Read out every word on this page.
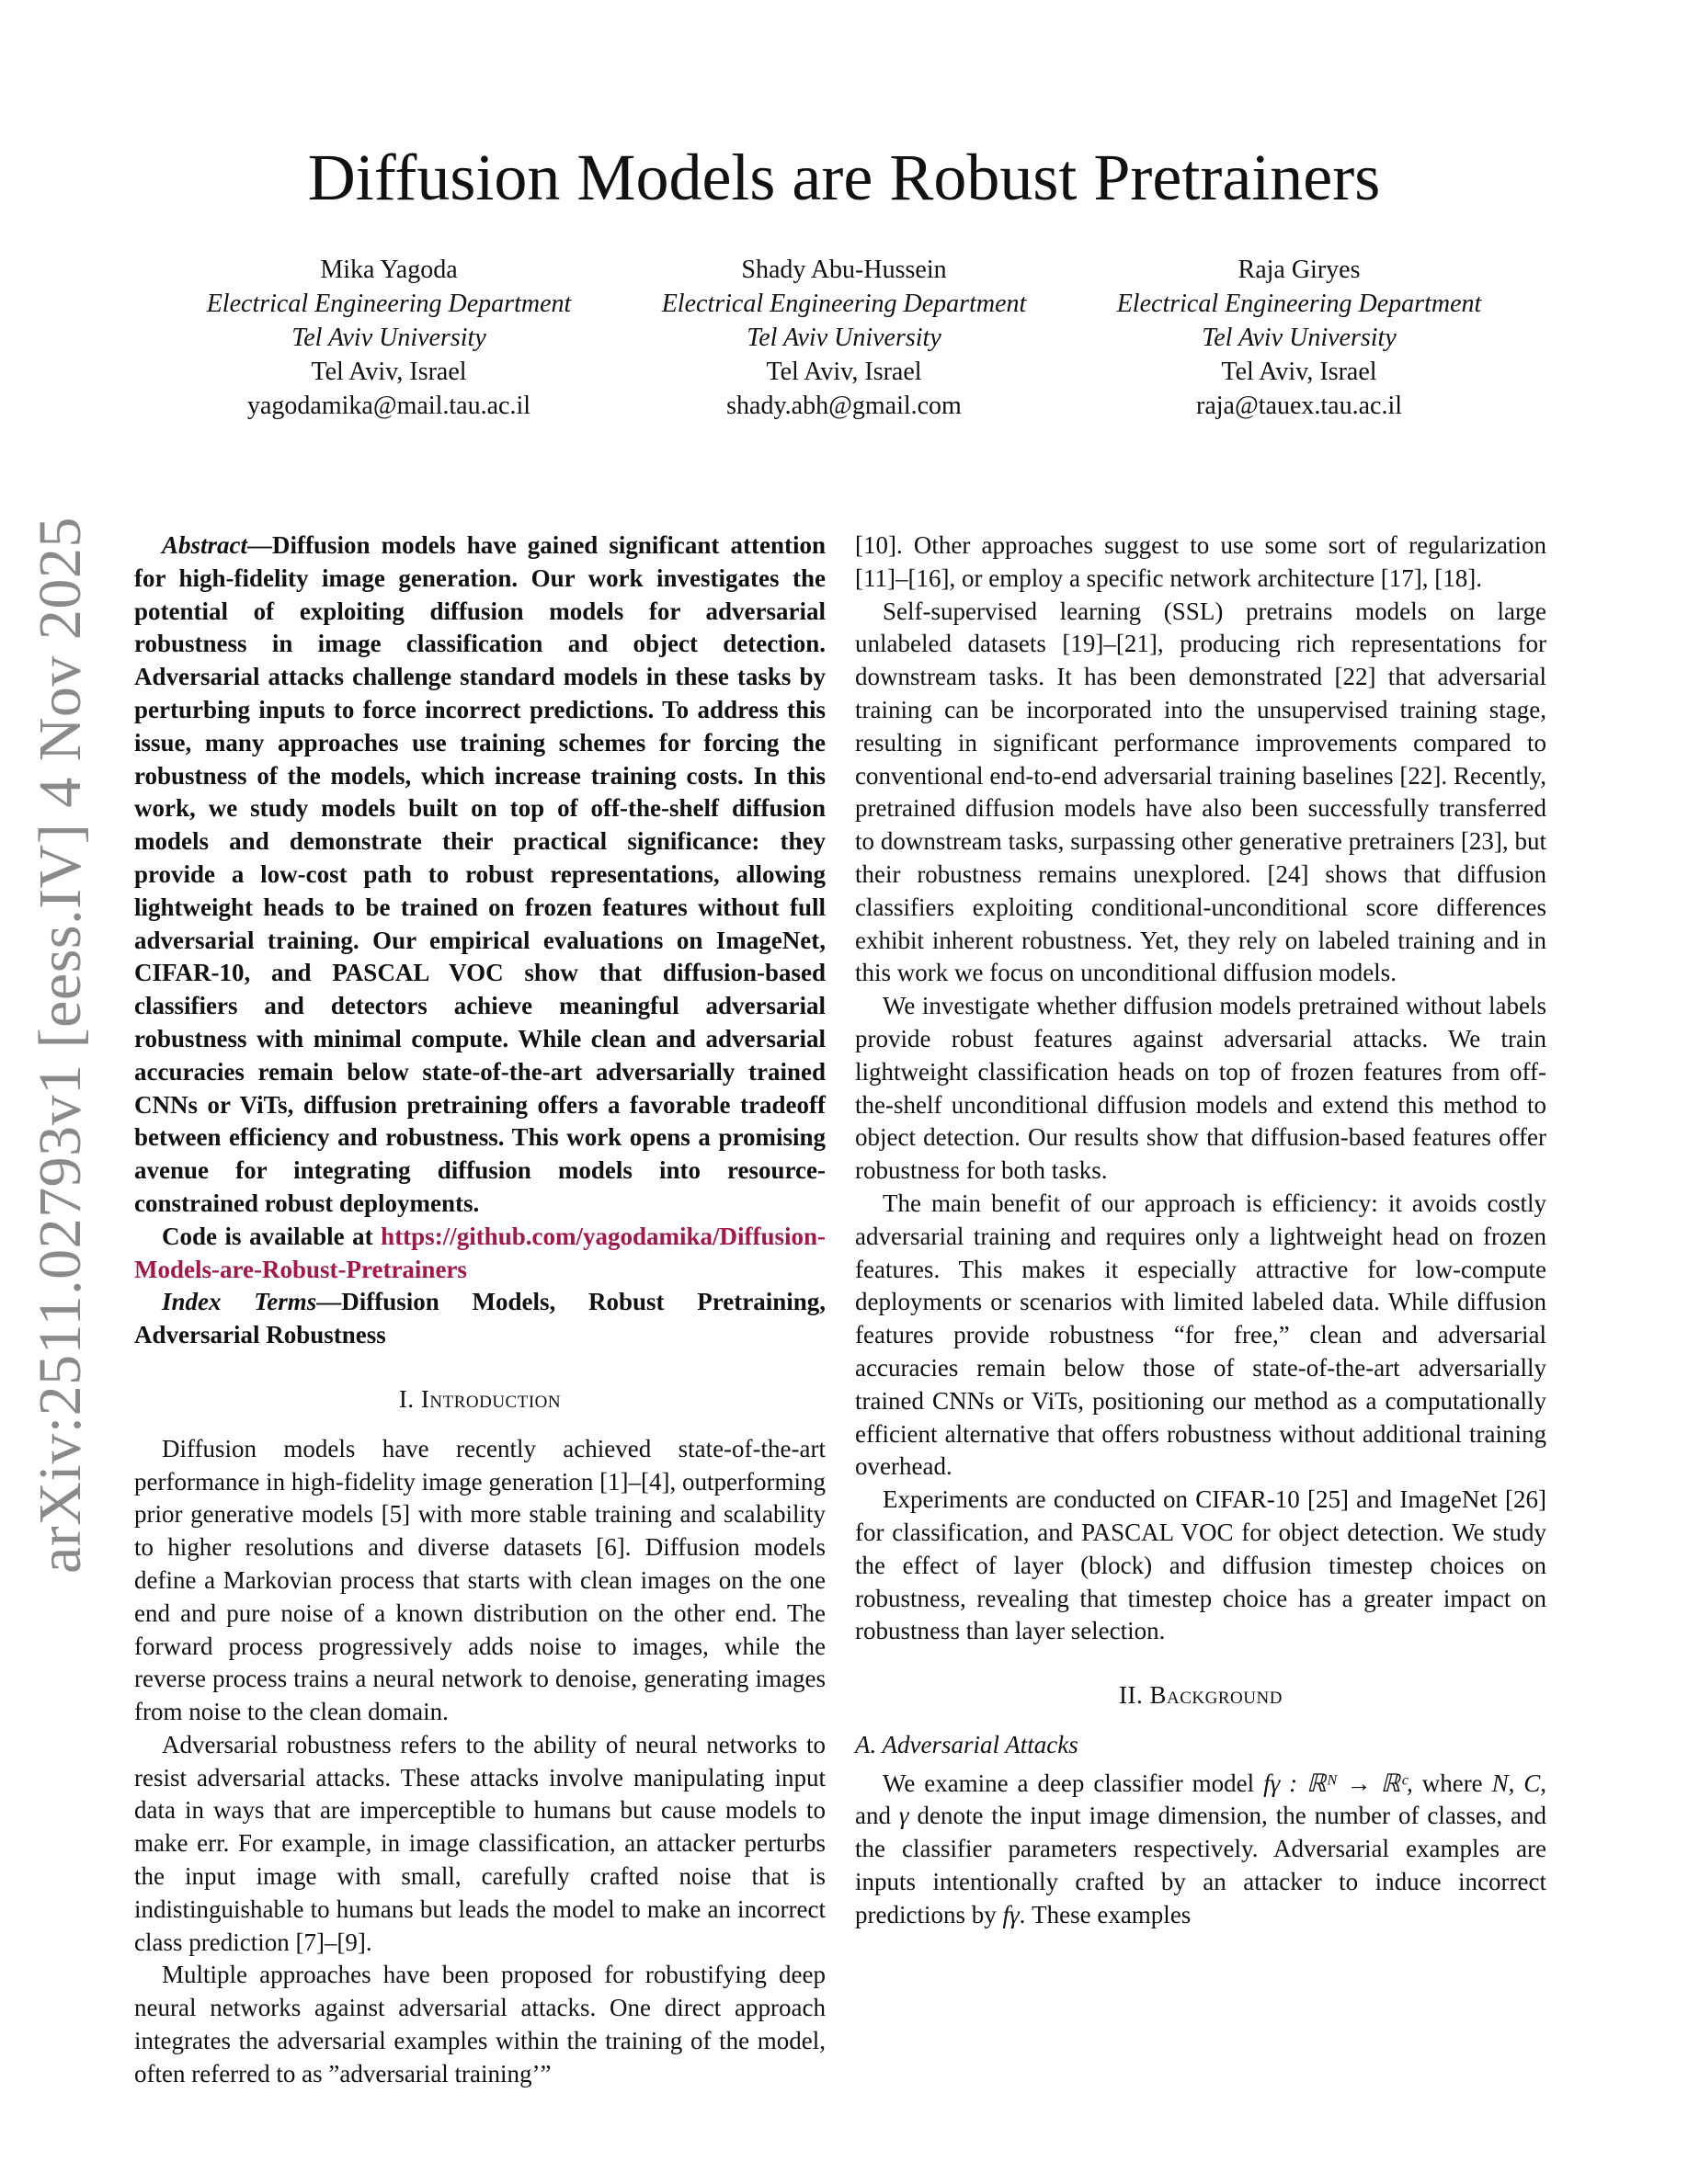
Diffusion Models are Robust Pretrainers
Mika Yagoda
Electrical Engineering Department
Tel Aviv University
Tel Aviv, Israel
yagodamika@mail.tau.ac.il
Shady Abu-Hussein
Electrical Engineering Department
Tel Aviv University
Tel Aviv, Israel
shady.abh@gmail.com
Raja Giryes
Electrical Engineering Department
Tel Aviv University
Tel Aviv, Israel
raja@tauex.tau.ac.il
arXiv:2511.02793v1 [eess.IV] 4 Nov 2025	Abstract—Diffusion models have gained significant attention for high-fidelity image generation. Our work investigates the potential of exploiting diffusion models for adversarial robustness in image classification and object detection. Adversarial attacks challenge standard models in these tasks by perturbing inputs to force incorrect predictions. To address this issue, many approaches use training schemes for forcing the robustness of the models, which increase training costs. In this work, we study models built on top of off-the-shelf diffusion models and demonstrate their practical significance: they provide a low-cost path to robust representations, allowing lightweight heads to be trained on frozen features without full adversarial training. Our empirical evaluations on ImageNet, CIFAR-10, and PASCAL VOC show that diffusion-based classifiers and detectors achieve meaningful adversarial robustness with minimal compute. While clean and adversarial accuracies remain below state-of-the-art adversarially trained CNNs or ViTs, diffusion pretraining offers a favorable tradeoff between efficiency and robustness. This work opens a promising avenue for integrating diffusion models into resource-constrained robust deployments.

Code is available at https://github.com/yagodamika/Diffusion-Models-are-Robust-Pretrainers

Index Terms—Diffusion Models, Robust Pretraining, Adversarial Robustness

I. Introduction

Diffusion models have recently achieved state-of-the-art performance in high-fidelity image generation [1]–[4], outperforming prior generative models [5] with more stable training and scalability to higher resolutions and diverse datasets [6]. Diffusion models define a Markovian process that starts with clean images on the one end and pure noise of a known distribution on the other end. The forward process progressively adds noise to images, while the reverse process trains a neural network to denoise, generating images from noise to the clean domain.

Adversarial robustness refers to the ability of neural networks to resist adversarial attacks. These attacks involve manipulating input data in ways that are imperceptible to humans but cause models to make err. For example, in image classification, an attacker perturbs the input image with small, carefully crafted noise that is indistinguishable to humans but leads the model to make an incorrect class prediction [7]–[9].

Multiple approaches have been proposed for robustifying deep neural networks against adversarial attacks. One direct approach integrates the adversarial examples within the training of the model, often referred to as ”adversarial training’”

[10]. Other approaches suggest to use some sort of regularization [11]–[16], or employ a specific network architecture [17], [18].

Self-supervised learning (SSL) pretrains models on large unlabeled datasets [19]–[21], producing rich representations for downstream tasks. It has been demonstrated [22] that adversarial training can be incorporated into the unsupervised training stage, resulting in significant performance improvements compared to conventional end-to-end adversarial training baselines [22]. Recently, pretrained diffusion models have also been successfully transferred to downstream tasks, surpassing other generative pretrainers [23], but their robustness remains unexplored. [24] shows that diffusion classifiers exploiting conditional-unconditional score differences exhibit inherent robustness. Yet, they rely on labeled training and in this work we focus on unconditional diffusion models.

We investigate whether diffusion models pretrained without labels provide robust features against adversarial attacks. We train lightweight classification heads on top of frozen features from off-the-shelf unconditional diffusion models and extend this method to object detection. Our results show that diffusion-based features offer robustness for both tasks.

The main benefit of our approach is efficiency: it avoids costly adversarial training and requires only a lightweight head on frozen features. This makes it especially attractive for low-compute deployments or scenarios with limited labeled data. While diffusion features provide robustness “for free,” clean and adversarial accuracies remain below those of state-of-the-art adversarially trained CNNs or ViTs, positioning our method as a computationally efficient alternative that offers robustness without additional training overhead.

Experiments are conducted on CIFAR-10 [25] and ImageNet [26] for classification, and PASCAL VOC for object detection. We study the effect of layer (block) and diffusion timestep choices on robustness, revealing that timestep choice has a greater impact on robustness than layer selection.

II. Background
A. Adversarial Attacks

We examine a deep classifier model fγ : ℝᴺ → ℝᶜ, where N, C, and γ denote the input image dimension, the number of classes, and the classifier parameters respectively. Adversarial examples are inputs intentionally crafted by an attacker to induce incorrect predictions by fγ. These examples
